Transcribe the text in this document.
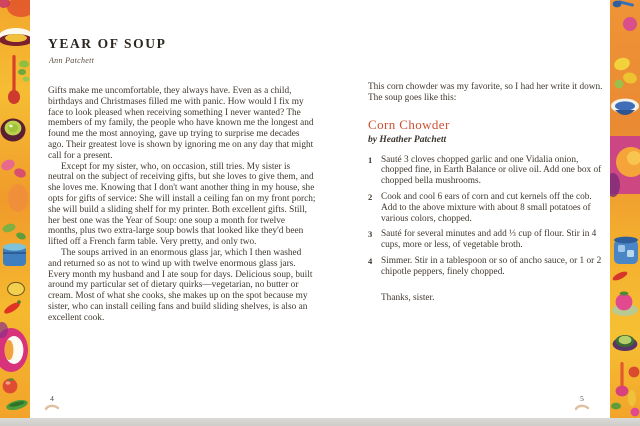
YEAR OF SOUP
Ann Patchett

Gifts make me uncomfortable, they always have. Even as a child, birthdays and Christmases filled me with panic. How would I fix my face to look pleased when receiving something I never wanted? The members of my family, the people who have known me the longest and found me the most annoying, gave up trying to surprise me decades ago. Their greatest love is shown by ignoring me on any day that might call for a present.

Except for my sister, who, on occasion, still tries. My sister is neutral on the subject of receiving gifts, but she loves to give them, and she loves me. Knowing that I don't want another thing in my house, she opts for gifts of service: She will install a ceiling fan on my front porch; she will build a sliding shelf for my printer. Both excellent gifts. Still, her best one was the Year of Soup: one soup a month for twelve months, plus two extra-large soup bowls that looked like they'd been lifted off a French farm table. Very pretty, and only two.

The soups arrived in an enormous glass jar, which I then washed and returned so as not to wind up with twelve enormous glass jars. Every month my husband and I ate soup for days. Delicious soup, built around my particular set of dietary quirks—vegetarian, no butter or cream. Most of what she cooks, she makes up on the spot because my sister, who can install ceiling fans and build sliding shelves, is also an excellent cook.

This corn chowder was my favorite, so I had her write it down. The soup goes like this:

Corn Chowder
by Heather Patchett
1 Sauté 3 cloves chopped garlic and one Vidalia onion, chopped fine, in Earth Balance or olive oil. Add one box of chopped bella mushrooms.
2 Cook and cool 6 ears of corn and cut kernels off the cob. Add to the above mixture with about 8 small potatoes of various colors, chopped.
3 Sauté for several minutes and add ⅓ cup of flour. Stir in 4 cups, more or less, of vegetable broth.
4 Simmer. Stir in a tablespoon or so of ancho sauce, or 1 or 2 chipotle peppers, finely chopped.
Thanks, sister.
4	5
